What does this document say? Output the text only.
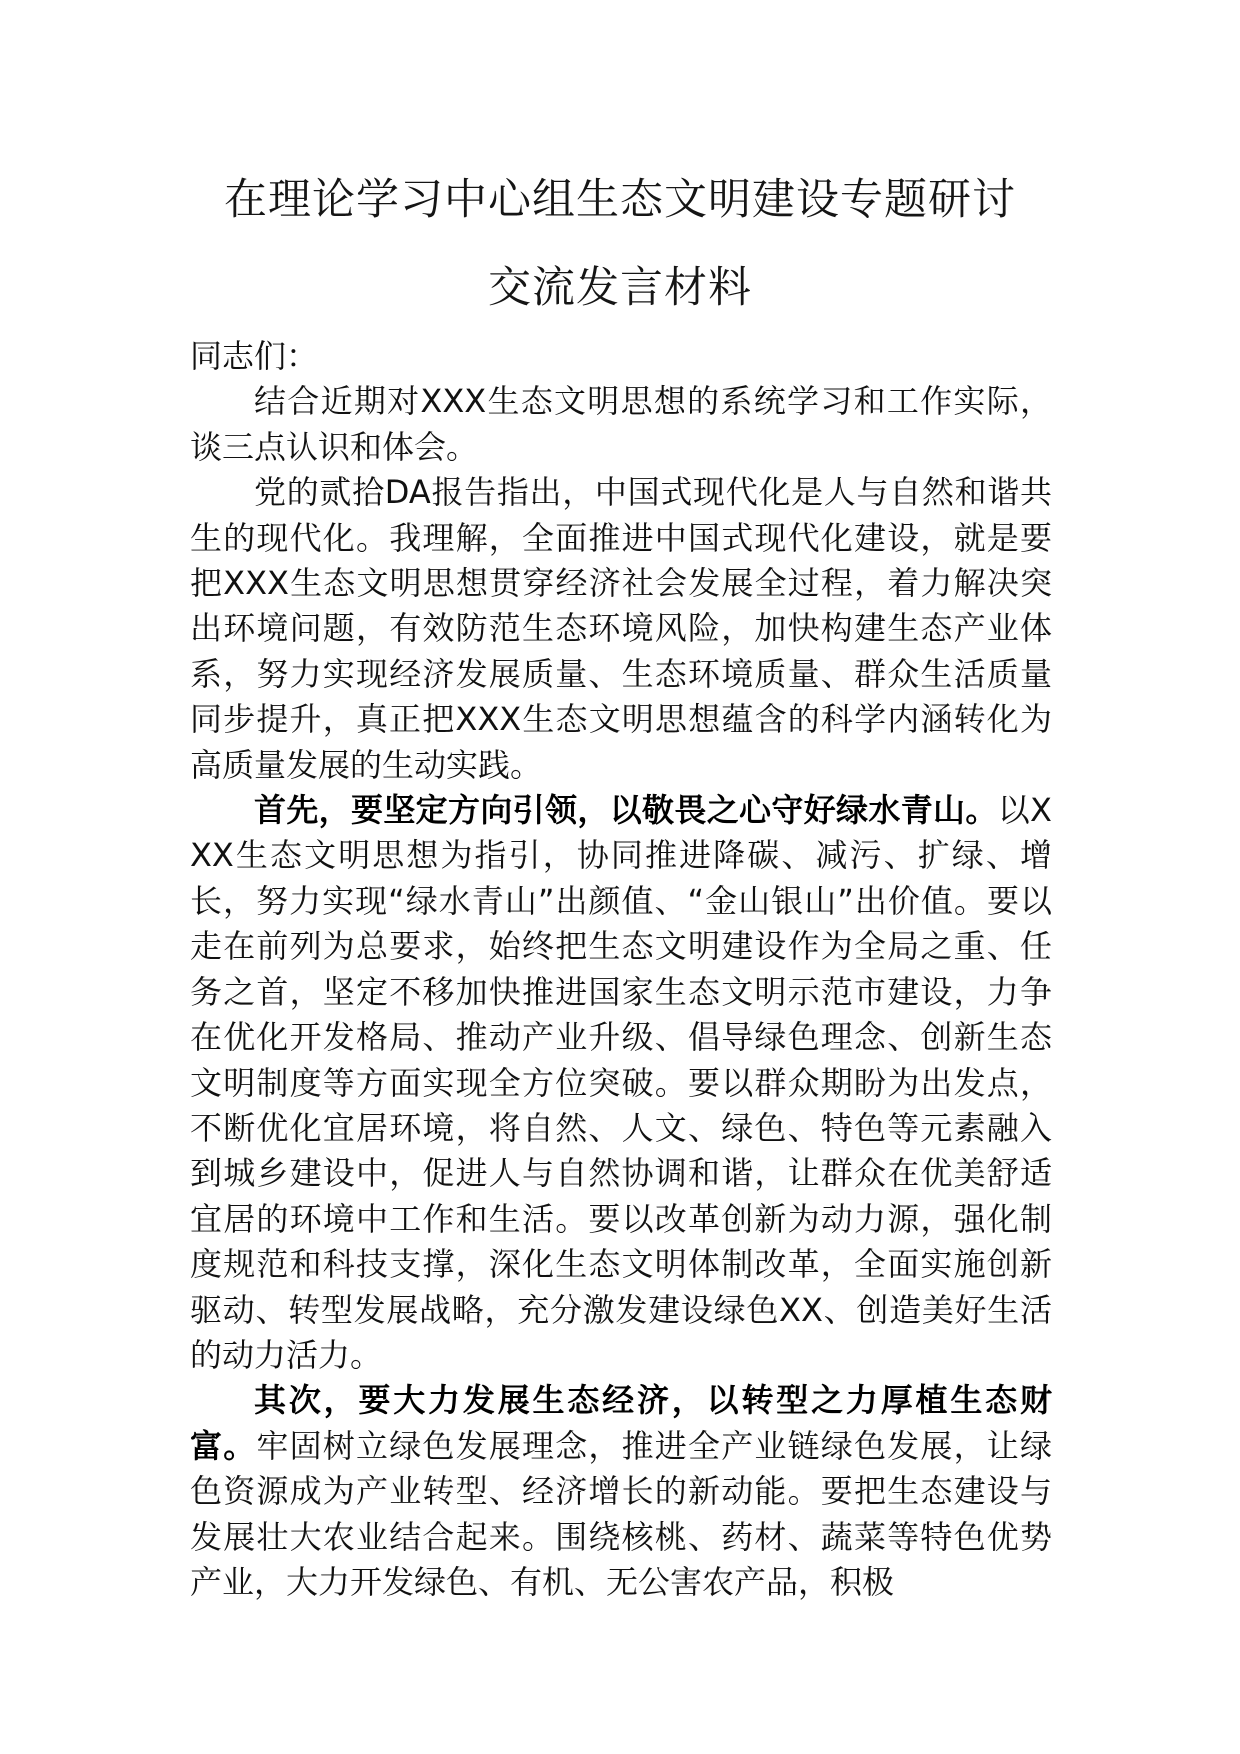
在理论学习中心组生态文明建设专题研讨
交流发言材料

同志们：

结合近期对XXX生态文明思想的系统学习和工作实际，谈三点认识和体会。

党的贰拾DA报告指出，中国式现代化是人与自然和谐共生的现代化。我理解，全面推进中国式现代化建设，就是要把XXX生态文明思想贯穿经济社会发展全过程，着力解决突出环境问题，有效防范生态环境风险，加快构建生态产业体系，努力实现经济发展质量、生态环境质量、群众生活质量同步提升，真正把XXX生态文明思想蕴含的科学内涵转化为高质量发展的生动实践。

首先，要坚定方向引领，以敬畏之心守好绿水青山。以XXX生态文明思想为指引，协同推进降碳、减污、扩绿、增长，努力实现“绿水青山”出颜值、“金山银山”出价值。要以走在前列为总要求，始终把生态文明建设作为全局之重、任务之首，坚定不移加快推进国家生态文明示范市建设，力争在优化开发格局、推动产业升级、倡导绿色理念、创新生态文明制度等方面实现全方位突破。要以群众期盼为出发点，不断优化宜居环境，将自然、人文、绿色、特色等元素融入到城乡建设中，促进人与自然协调和谐，让群众在优美舒适宜居的环境中工作和生活。要以改革创新为动力源，强化制度规范和科技支撑，深化生态文明体制改革，全面实施创新驱动、转型发展战略，充分激发建设绿色XX、创造美好生活的动力活力。

其次，要大力发展生态经济，以转型之力厚植生态财富。牢固树立绿色发展理念，推进全产业链绿色发展，让绿色资源成为产业转型、经济增长的新动能。要把生态建设与发展壮大农业结合起来。围绕核桃、药材、蔬菜等特色优势产业，大力开发绿色、有机、无公害农产品，积极
